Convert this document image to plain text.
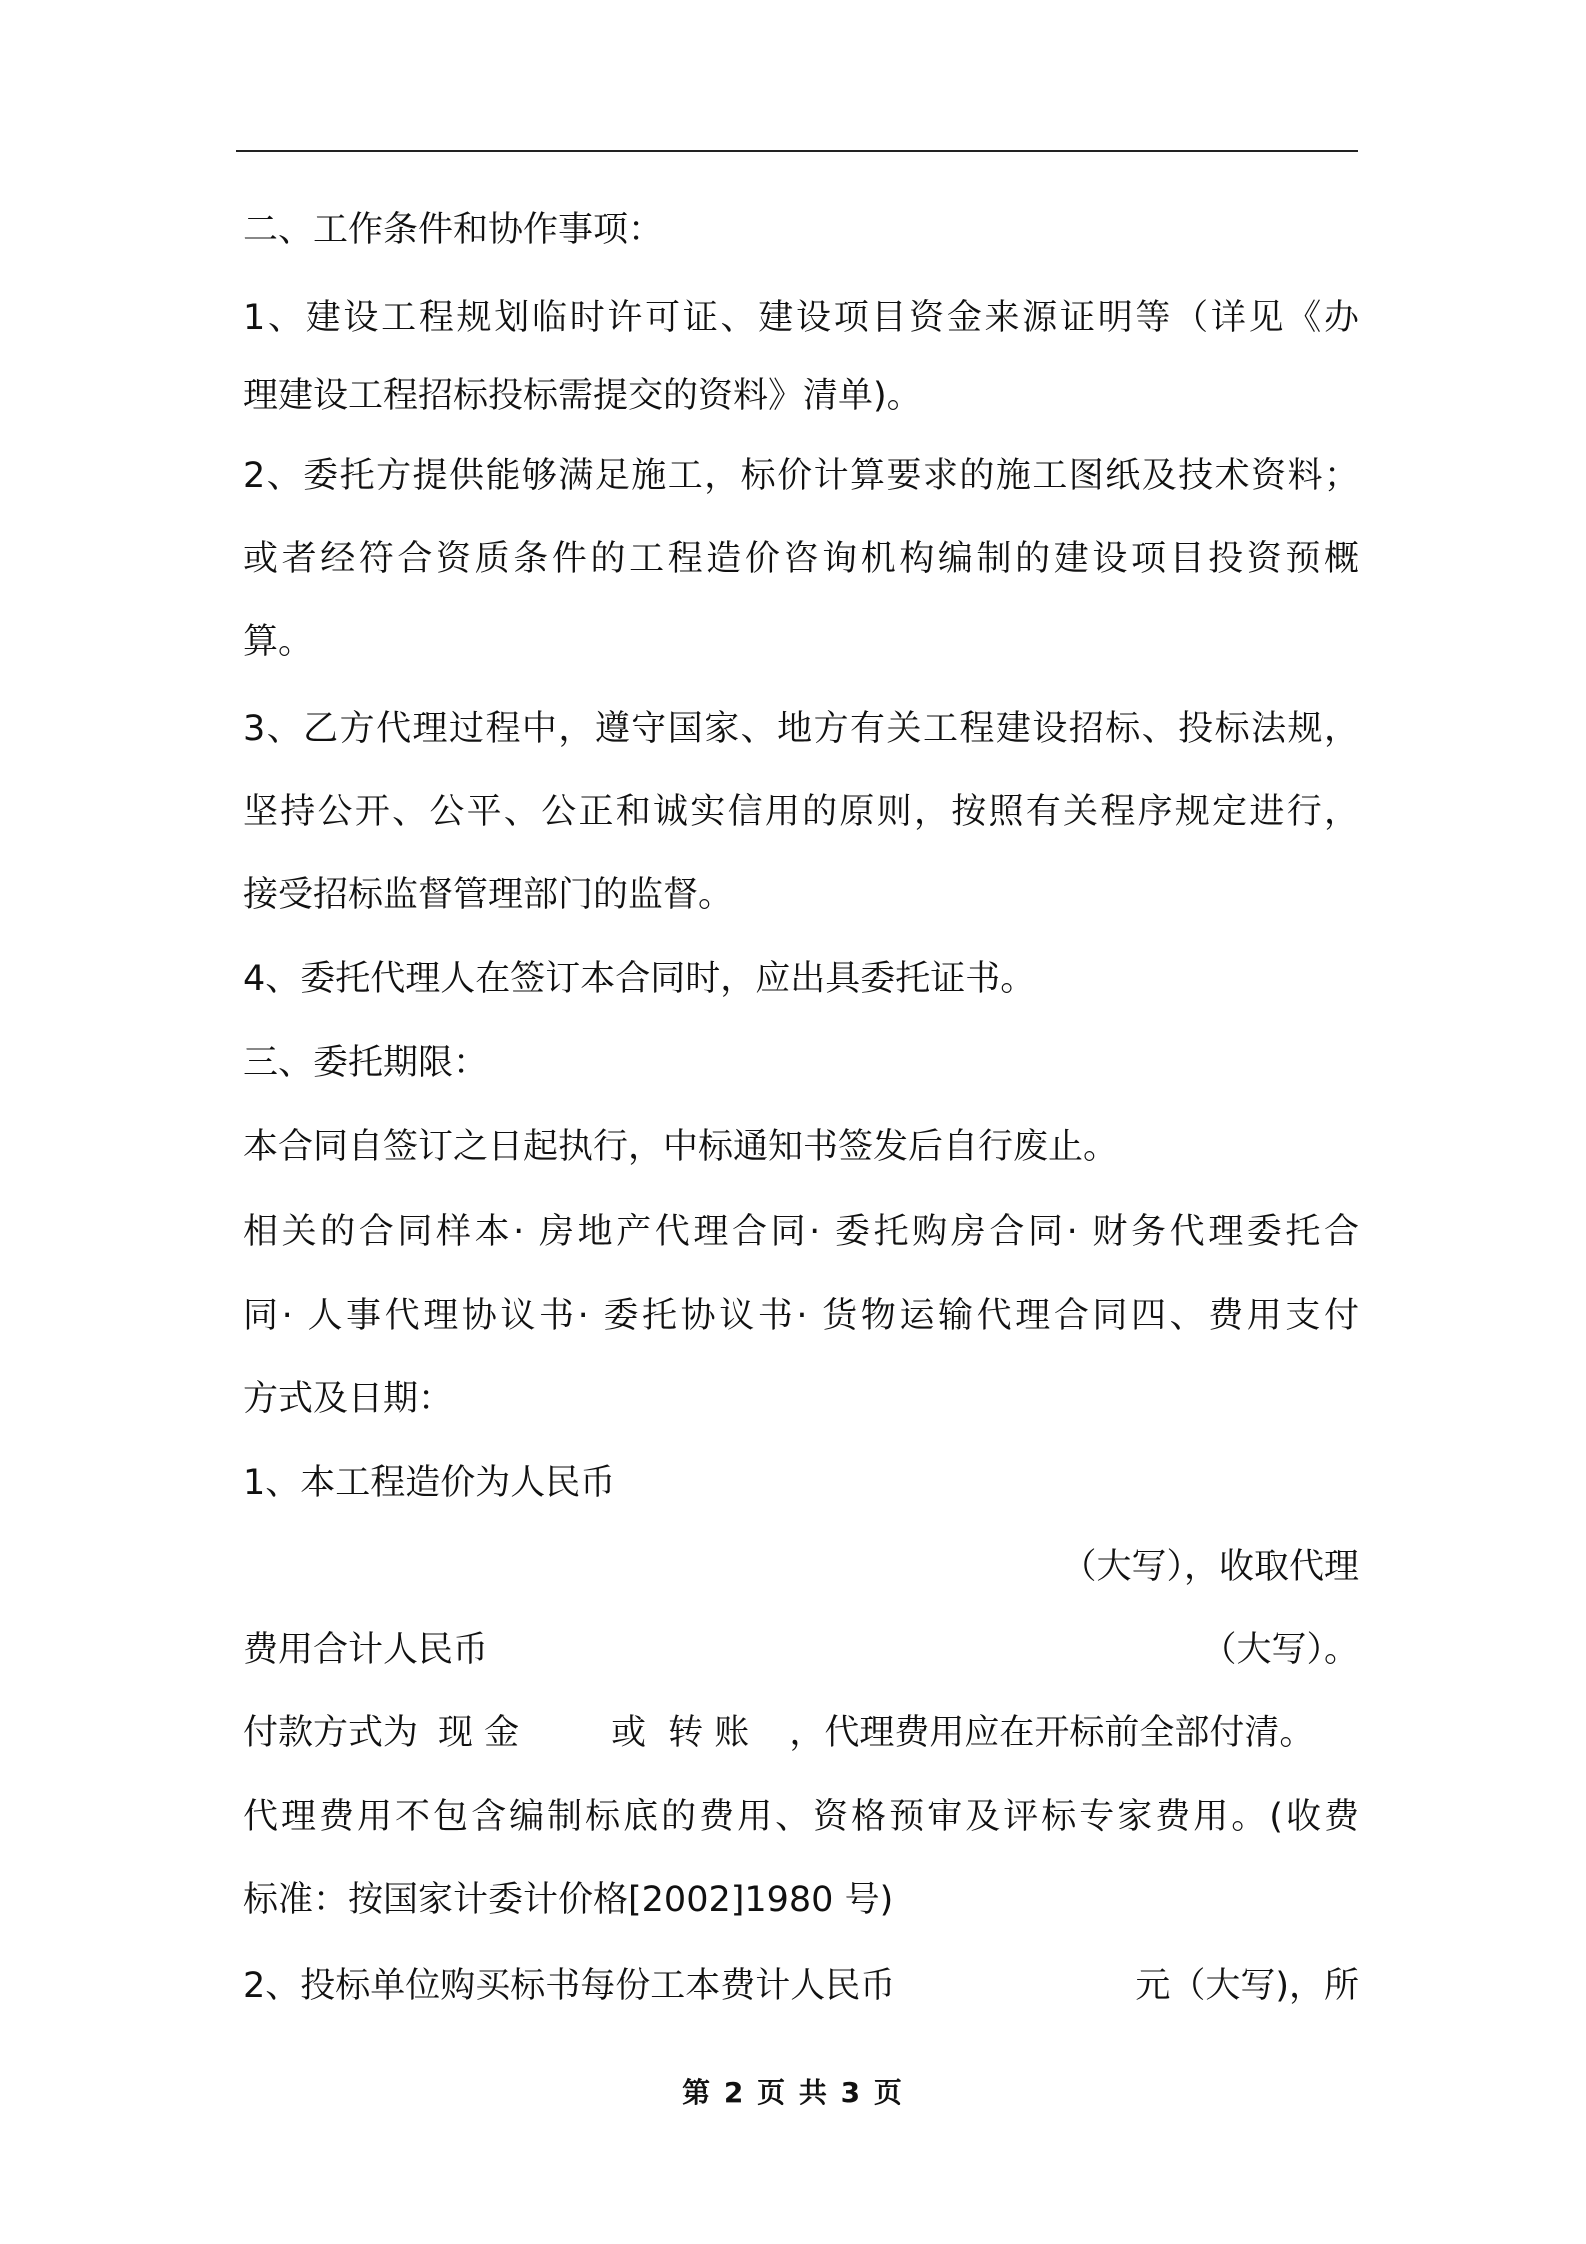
二、工作条件和协作事项：
1、建设工程规划临时许可证、建设项目资金来源证明等（详见《办
理建设工程招标投标需提交的资料》清单)。
2、委托方提供能够满足施工，标价计算要求的施工图纸及技术资料；
或者经符合资质条件的工程造价咨询机构编制的建设项目投资预概
算。
3、乙方代理过程中，遵守国家、地方有关工程建设招标、投标法规，
坚持公开、公平、公正和诚实信用的原则，按照有关程序规定进行，
接受招标监督管理部门的监督。
4、委托代理人在签订本合同时，应出具委托证书。
三、委托期限：
本合同自签订之日起执行，中标通知书签发后自行废止。
相关的合同样本· 房地产代理合同· 委托购房合同· 财务代理委托合
同· 人事代理协议书· 委托协议书· 货物运输代理合同四、费用支付
方式及日期：
1、本工程造价为人民币
（大写），收取代理
费用合计人民币	（大写）。
付款方式为 现 金	或 转 账 ，代理费用应在开标前全部付清。
代理费用不包含编制标底的费用、资格预审及评标专家费用。(收费
标准：按国家计委计价格[2002]1980 号)
2、投标单位购买标书每份工本费计人民币	元（大写)，所
第 2 页 共 3 页
